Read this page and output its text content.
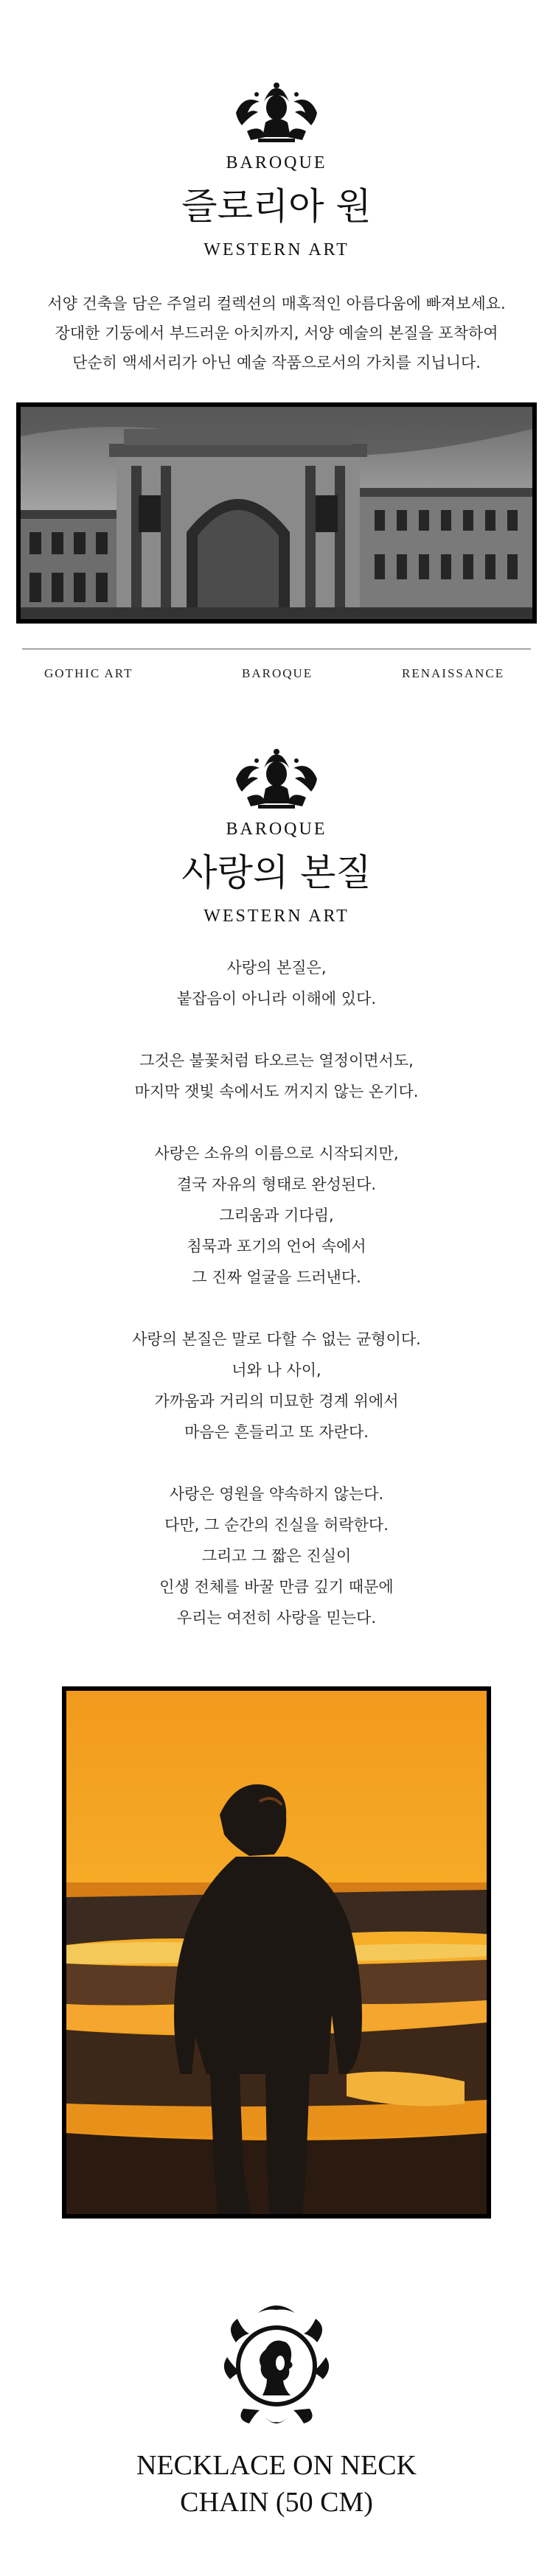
BAROQUE
즐로리아 원
WESTERN ART
서양 건축을 담은 주얼리 컬렉션의 매혹적인 아름다움에 빠져보세요.
장대한 기둥에서 부드러운 아치까지, 서양 예술의 본질을 포착하여
단순히 액세서리가 아닌 예술 작품으로서의 가치를 지닙니다.
GOTHIC ART	BAROQUE	RENAISSANCE
BAROQUE
사랑의 본질
WESTERN ART

사랑의 본질은,

붙잡음이 아니라 이해에 있다.

그것은 불꽃처럼 타오르는 열정이면서도,

마지막 잿빛 속에서도 꺼지지 않는 온기다.

사랑은 소유의 이름으로 시작되지만,

결국 자유의 형태로 완성된다.

그리움과 기다림,

침묵과 포기의 언어 속에서

그 진짜 얼굴을 드러낸다.

사랑의 본질은 말로 다할 수 없는 균형이다.

너와 나 사이,

가까움과 거리의 미묘한 경계 위에서

마음은 흔들리고 또 자란다.

사랑은 영원을 약속하지 않는다.

다만, 그 순간의 진실을 허락한다.

그리고 그 짧은 진실이

인생 전체를 바꿀 만큼 깊기 때문에

우리는 여전히 사랑을 믿는다.

NECKLACE ON NECK
CHAIN (50 CM)
